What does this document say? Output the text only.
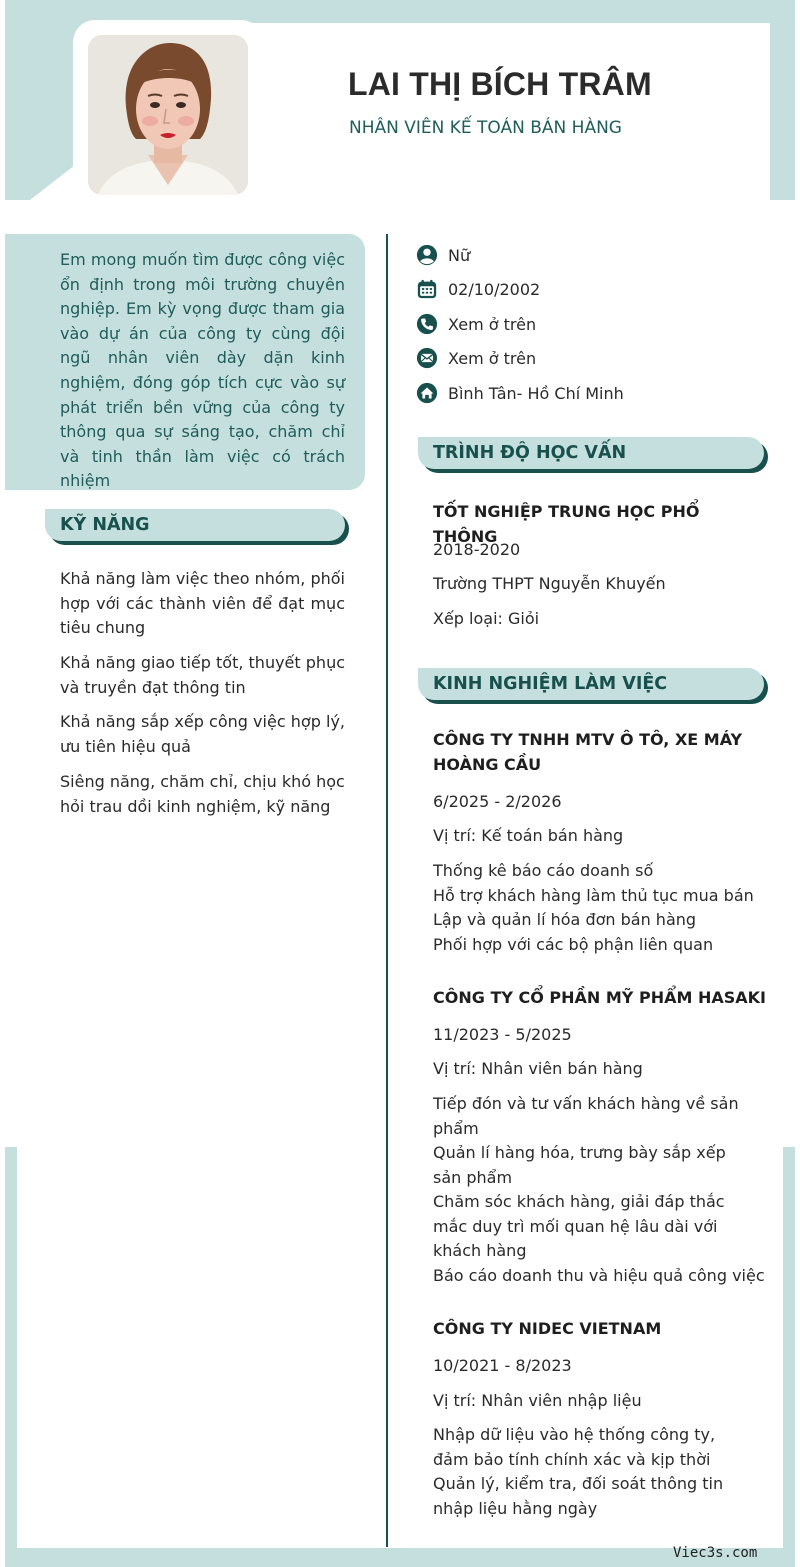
LAI THỊ BÍCH TRÂM
NHÂN VIÊN KẾ TOÁN BÁN HÀNG
Em mong muốn tìm được công việc ổn định trong môi trường chuyên nghiệp. Em kỳ vọng được tham gia vào dự án của công ty cùng đội ngũ nhân viên dày dặn kinh nghiệm, đóng góp tích cực vào sự phát triển bền vững của công ty thông qua sự sáng tạo, chăm chỉ và tinh thần làm việc có trách nhiệm
Nữ
02/10/2002
Xem ở trên
Xem ở trên
Bình Tân- Hồ Chí Minh
KỸ NĂNG
Khả năng làm việc theo nhóm, phối hợp với các thành viên để đạt mục tiêu chung
Khả năng giao tiếp tốt, thuyết phục và truyền đạt thông tin
Khả năng sắp xếp công việc hợp lý, ưu tiên hiệu quả
Siêng năng, chăm chỉ, chịu khó học hỏi trau dồi kinh nghiệm, kỹ năng
TRÌNH ĐỘ HỌC VẤN
TỐT NGHIỆP TRUNG HỌC PHỔ THÔNG
2018-2020
Trường THPT Nguyễn Khuyến
Xếp loại: Giỏi
KINH NGHIỆM LÀM VIỆC
CÔNG TY TNHH MTV Ô TÔ, XE MÁY HOÀNG CẦU
6/2025 - 2/2026
Vị trí: Kế toán bán hàng
Thống kê báo cáo doanh số
Hỗ trợ khách hàng làm thủ tục mua bán
Lập và quản lí hóa đơn bán hàng
Phối hợp với các bộ phận liên quan
CÔNG TY CỔ PHẦN MỸ PHẨM HASAKI
11/2023 - 5/2025
Vị trí: Nhân viên bán hàng
Tiếp đón và tư vấn khách hàng về sản phẩm
Quản lí hàng hóa, trưng bày sắp xếp sản phẩm
Chăm sóc khách hàng, giải đáp thắc mắc duy trì mối quan hệ lâu dài với khách hàng
Báo cáo doanh thu và hiệu quả công việc
CÔNG TY NIDEC VIETNAM
10/2021 - 8/2023
Vị trí: Nhân viên nhập liệu
Nhập dữ liệu vào hệ thống công ty, đảm bảo tính chính xác và kịp thời
Quản lý, kiểm tra, đối soát thông tin nhập liệu hằng ngày
Viec3s.com
